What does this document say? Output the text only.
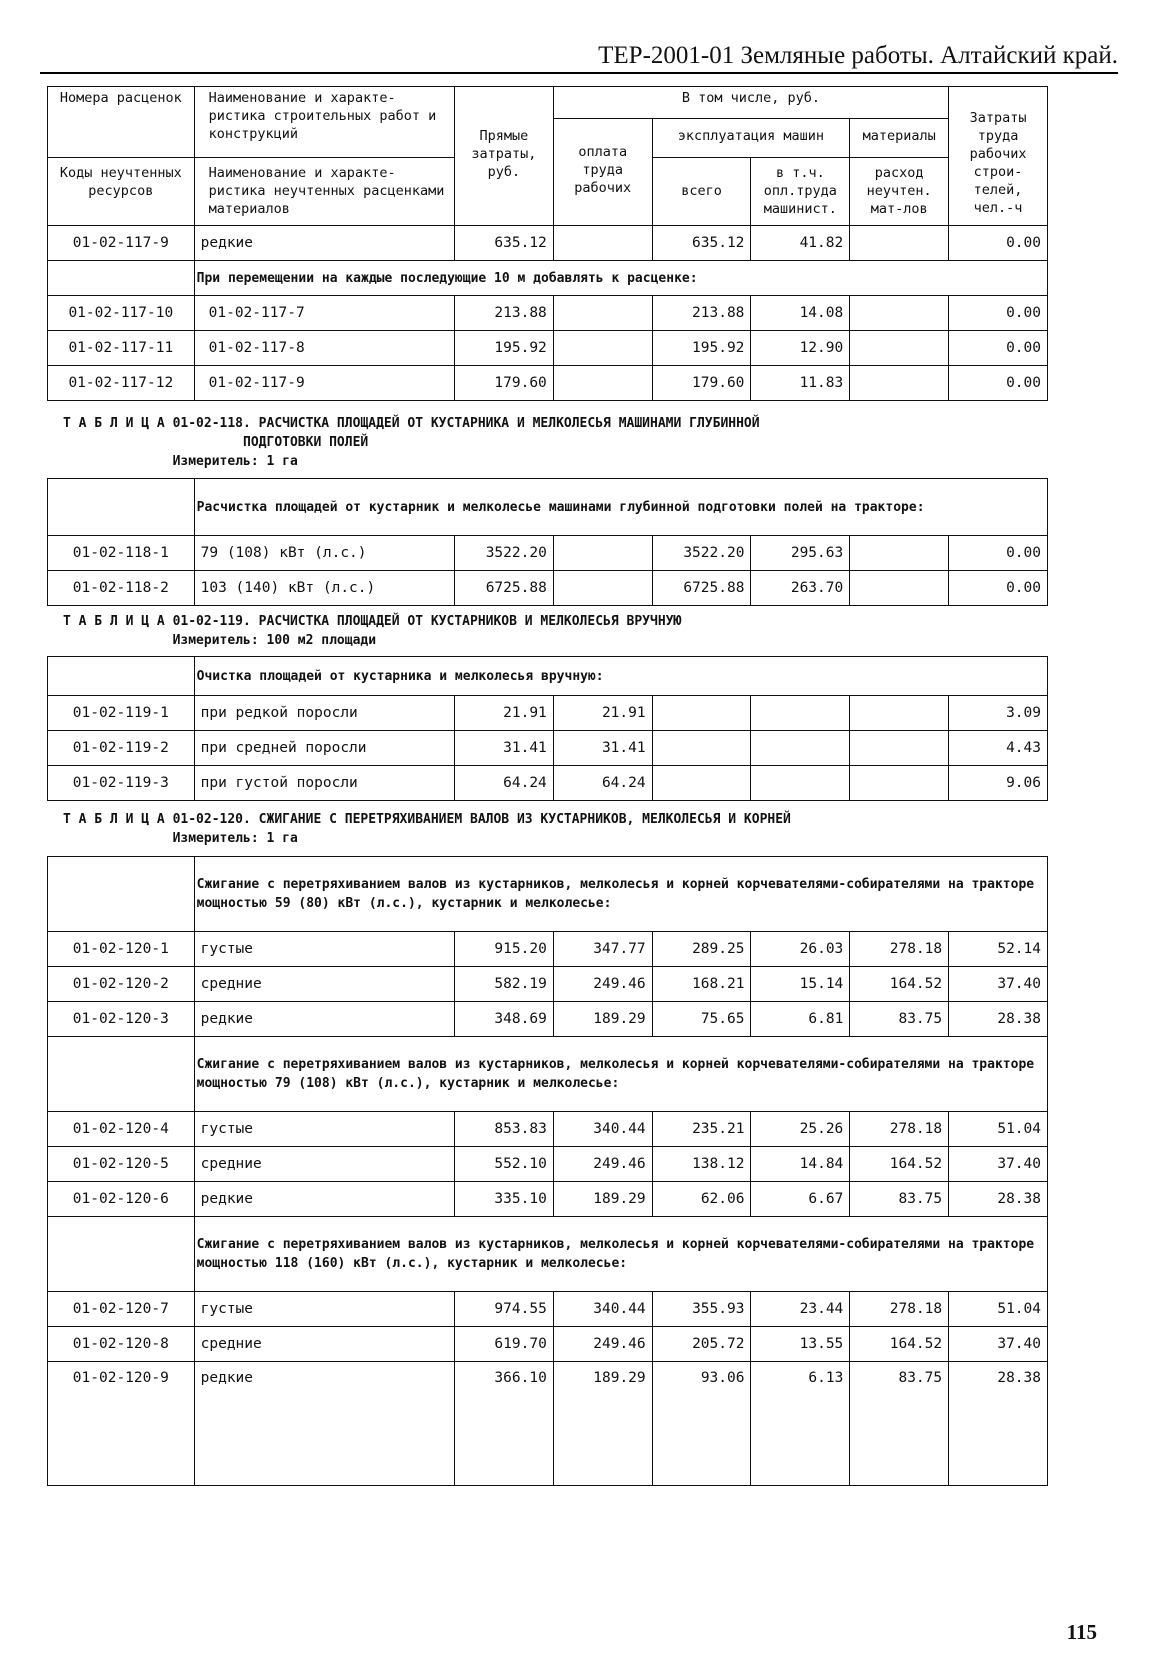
ТЕР-2001-01 Земляные работы. Алтайский край.
Номера расценок	Наименование и характе-ристика строительных работ и конструкций	Прямые затраты, руб.	В том числе, руб.				Затраты труда рабочих строи-телей, чел.-ч
			оплата труда рабочих	эксплуатация машин		материалы	
Коды неучтенных ресурсов	Наименование и характе-ристика неучтенных расценками материалов			всего	в т.ч. опл.труда машинист.	расход неучтен. мат-лов	

01-02-117-9	редкие	635.12		635.12	41.82		0.00
	При перемещении на каждые последующие 10 м добавлять к расценке:						
01-02-117-10	01-02-117-7	213.88		213.88	14.08		0.00
01-02-117-11	01-02-117-8	195.92		195.92	12.90		0.00
01-02-117-12	01-02-117-9	179.60		179.60	11.83		0.00
Т А Б Л И Ц А 01-02-118. РАСЧИСТКА ПЛОЩАДЕЙ ОТ КУСТАРНИКА И МЕЛКОЛЕСЬЯ МАШИНАМИ ГЛУБИННОЙ
ПОДГОТОВКИ ПОЛЕЙ
Измеритель: 1 га
	Расчистка площадей от кустарник и мелколесье машинами глубинной подготовки полей на тракторе:						
01-02-118-1	79 (108) кВт (л.с.)	3522.20		3522.20	295.63		0.00
01-02-118-2	103 (140) кВт (л.с.)	6725.88		6725.88	263.70		0.00
Т А Б Л И Ц А 01-02-119. РАСЧИСТКА ПЛОЩАДЕЙ ОТ КУСТАРНИКОВ И МЕЛКОЛЕСЬЯ ВРУЧНУЮ
Измеритель: 100 м2 площади
	Очистка площадей от кустарника и мелколесья вручную:						
01-02-119-1	при редкой поросли	21.91	21.91				3.09
01-02-119-2	при средней поросли	31.41	31.41				4.43
01-02-119-3	при густой поросли	64.24	64.24				9.06
Т А Б Л И Ц А 01-02-120. СЖИГАНИЕ С ПЕРЕТРЯХИВАНИЕМ ВАЛОВ ИЗ КУСТАРНИКОВ, МЕЛКОЛЕСЬЯ И КОРНЕЙ
Измеритель: 1 га
	Сжигание с перетряхиванием валов из кустарников, мелколесья и корней корчевателями-собирателями на тракторе мощностью 59 (80) кВт (л.с.), кустарник и мелколесье:						
01-02-120-1	густые	915.20	347.77	289.25	26.03	278.18	52.14
01-02-120-2	средние	582.19	249.46	168.21	15.14	164.52	37.40
01-02-120-3	редкие	348.69	189.29	75.65	6.81	83.75	28.38
	Сжигание с перетряхиванием валов из кустарников, мелколесья и корней корчевателями-собирателями на тракторе мощностью 79 (108) кВт (л.с.), кустарник и мелколесье:						
01-02-120-4	густые	853.83	340.44	235.21	25.26	278.18	51.04
01-02-120-5	средние	552.10	249.46	138.12	14.84	164.52	37.40
01-02-120-6	редкие	335.10	189.29	62.06	6.67	83.75	28.38
	Сжигание с перетряхиванием валов из кустарников, мелколесья и корней корчевателями-собирателями на тракторе мощностью 118 (160) кВт (л.с.), кустарник и мелколесье:						
01-02-120-7	густые	974.55	340.44	355.93	23.44	278.18	51.04
01-02-120-8	средние	619.70	249.46	205.72	13.55	164.52	37.40
01-02-120-9	редкие	366.10	189.29	93.06	6.13	83.75	28.38
115
